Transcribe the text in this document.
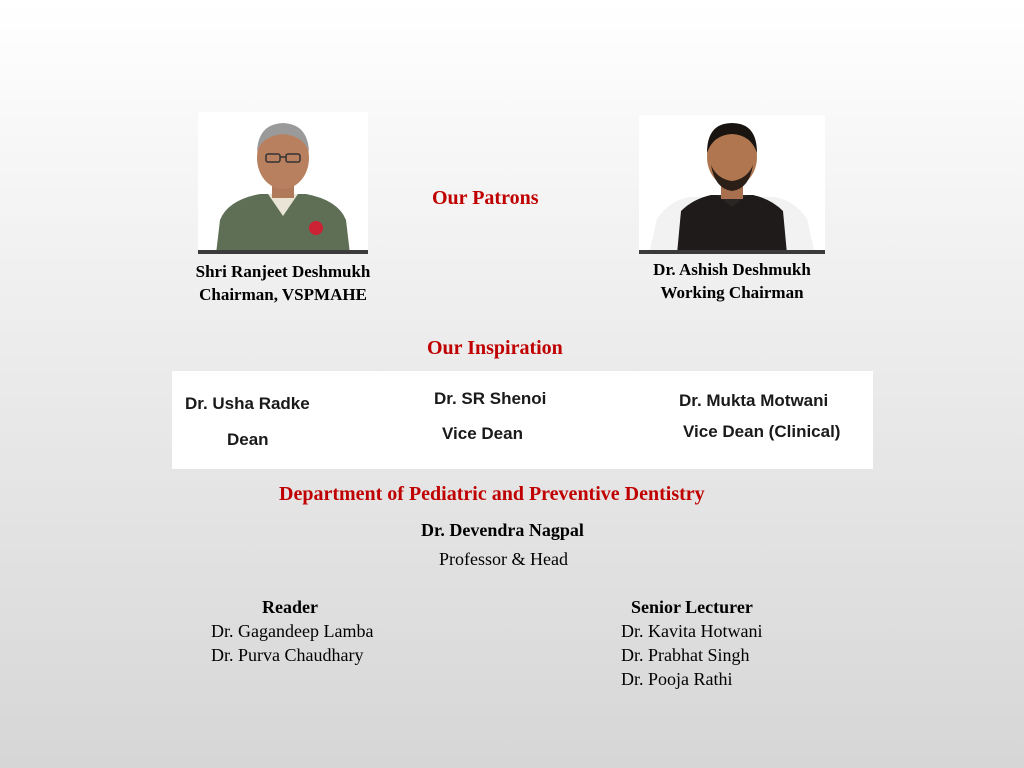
Shri Ranjeet Deshmukh
Chairman, VSPMAHE
Dr. Ashish Deshmukh
Working Chairman
Our Patrons
Our Inspiration
Dr. Usha Radke
Dean
Dr. SR Shenoi
Vice Dean
Dr. Mukta Motwani
Vice Dean (Clinical)
Department of Pediatric and Preventive Dentistry
Dr. Devendra Nagpal
Professor & Head
Reader
Dr. Gagandeep Lamba
Dr. Purva Chaudhary
Senior Lecturer
Dr. Kavita Hotwani
Dr. Prabhat Singh
Dr. Pooja Rathi
